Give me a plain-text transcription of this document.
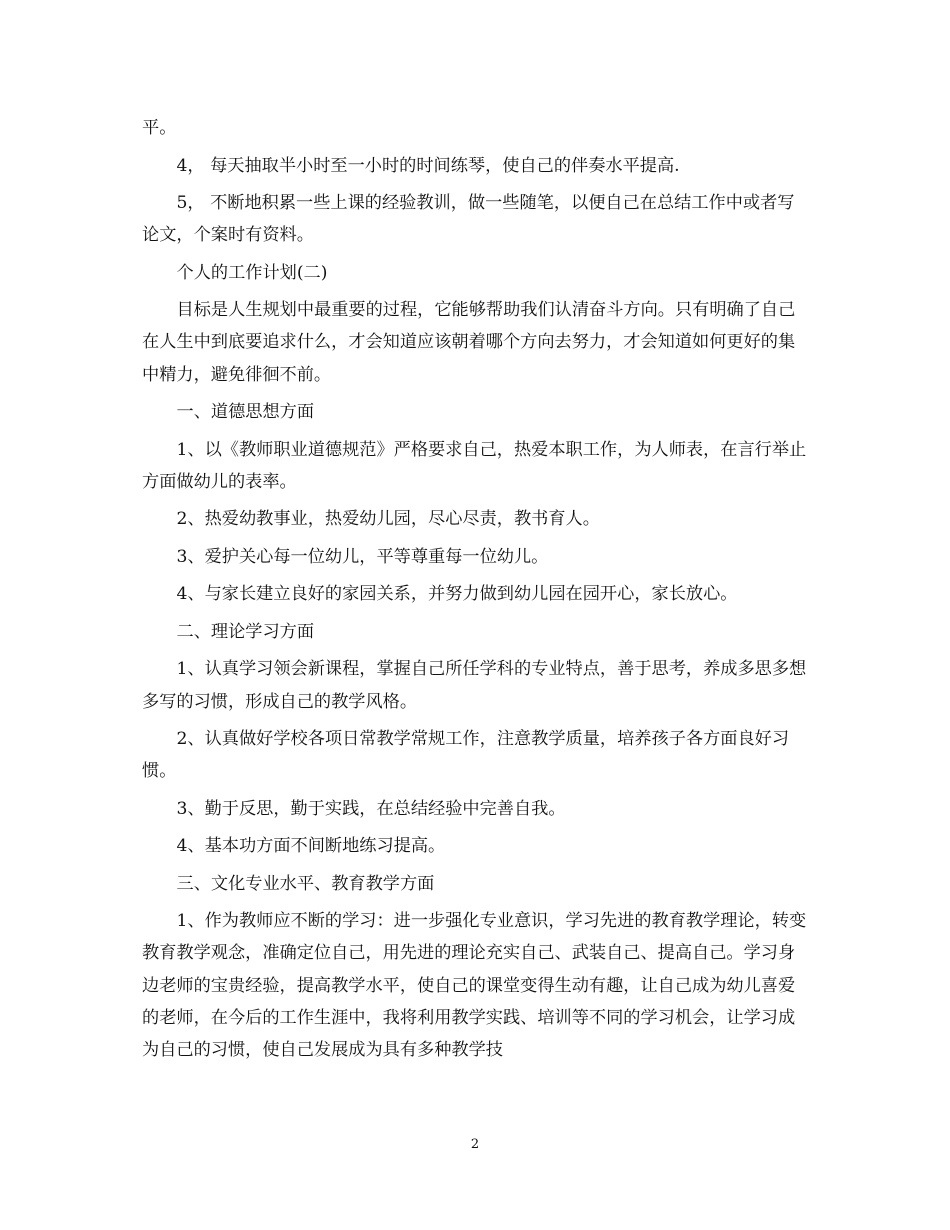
平。

4， 每天抽取半小时至一小时的时间练琴，使自己的伴奏水平提高.

5， 不断地积累一些上课的经验教训，做一些随笔，以便自己在总结工作中或者写论文，个案时有资料。

个人的工作计划(二)

目标是人生规划中最重要的过程，它能够帮助我们认清奋斗方向。只有明确了自己在人生中到底要追求什么，才会知道应该朝着哪个方向去努力，才会知道如何更好的集中精力，避免徘徊不前。

一、道德思想方面

1、以《教师职业道德规范》严格要求自己，热爱本职工作，为人师表，在言行举止方面做幼儿的表率。

2、热爱幼教事业，热爱幼儿园，尽心尽责，教书育人。

3、爱护关心每一位幼儿，平等尊重每一位幼儿。

4、与家长建立良好的家园关系，并努力做到幼儿园在园开心，家长放心。

二、理论学习方面

1、认真学习领会新课程，掌握自己所任学科的专业特点，善于思考，养成多思多想多写的习惯，形成自己的教学风格。

2、认真做好学校各项日常教学常规工作，注意教学质量，培养孩子各方面良好习惯。

3、勤于反思，勤于实践，在总结经验中完善自我。

4、基本功方面不间断地练习提高。

三、文化专业水平、教育教学方面

1、作为教师应不断的学习：进一步强化专业意识，学习先进的教育教学理论，转变教育教学观念，准确定位自己，用先进的理论充实自己、武装自己、提高自己。学习身边老师的宝贵经验，提高教学水平，使自己的课堂变得生动有趣，让自己成为幼儿喜爱的老师，在今后的工作生涯中，我将利用教学实践、培训等不同的学习机会，让学习成为自己的习惯，使自己发展成为具有多种教学技

2
